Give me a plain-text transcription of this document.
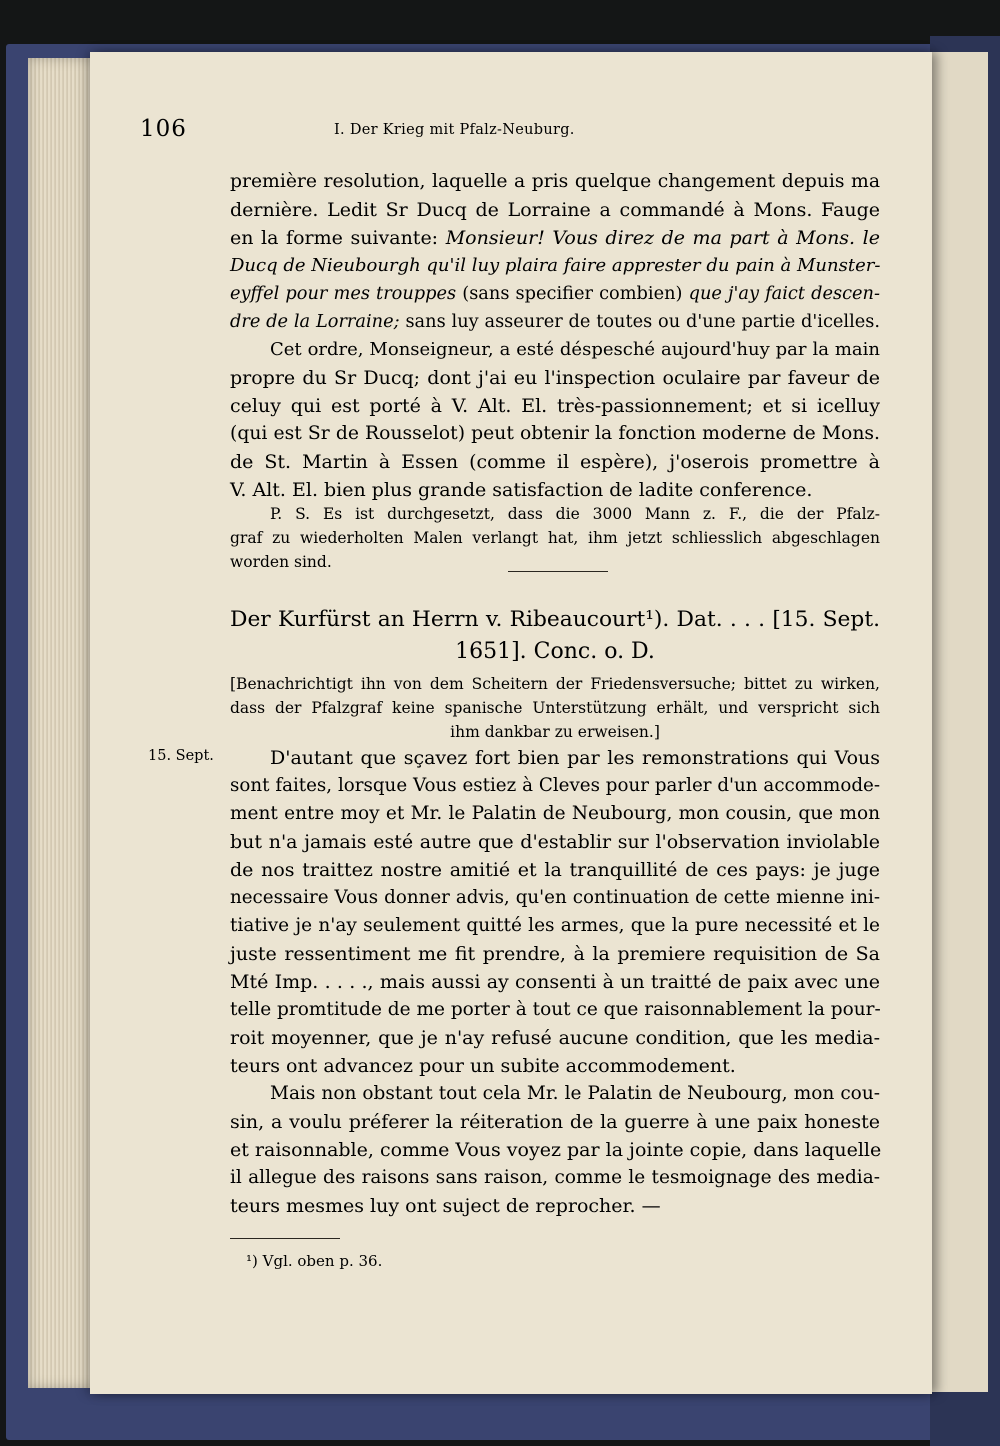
106	I. Der Krieg mit Pfalz-Neuburg.
première resolution, laquelle a pris quelque changement depuis ma
dernière. Ledit Sr Ducq de Lorraine a commandé à Mons. Fauge
en la forme suivante: Monsieur! Vous direz de ma part à Mons. le
Ducq de Nieubourgh qu'il luy plaira faire apprester du pain à Munster-
eyffel pour mes trouppes (sans specifier combien) que j'ay faict descen-
dre de la Lorraine; sans luy asseurer de toutes ou d'une partie d'icelles.
Cet ordre, Monseigneur, a esté déspesché aujourd'huy par la main
propre du Sr Ducq; dont j'ai eu l'inspection oculaire par faveur de
celuy qui est porté à V. Alt. El. très-passionnement; et si icelluy
(qui est Sr de Rousselot) peut obtenir la fonction moderne de Mons.
de St. Martin à Essen (comme il espère), j'oserois promettre à
V. Alt. El. bien plus grande satisfaction de ladite conference.
P. S. Es ist durchgesetzt, dass die 3000 Mann z. F., die der Pfalz-
graf zu wiederholten Malen verlangt hat, ihm jetzt schliesslich abgeschlagen
worden sind.
Der Kurfürst an Herrn v. Ribeaucourt¹). Dat. . . . [15. Sept.
1651]. Conc. o. D.
[Benachrichtigt ihn von dem Scheitern der Friedensversuche; bittet zu wirken,
dass der Pfalzgraf keine spanische Unterstützung erhält, und verspricht sich
ihm dankbar zu erweisen.]
15. Sept.	D'autant que sçavez fort bien par les remonstrations qui Vous
sont faites, lorsque Vous estiez à Cleves pour parler d'un accommode-
ment entre moy et Mr. le Palatin de Neubourg, mon cousin, que mon
but n'a jamais esté autre que d'establir sur l'observation inviolable
de nos traittez nostre amitié et la tranquillité de ces pays: je juge
necessaire Vous donner advis, qu'en continuation de cette mienne ini-
tiative je n'ay seulement quitté les armes, que la pure necessité et le
juste ressentiment me fit prendre, à la premiere requisition de Sa
Mté Imp. . . . ., mais aussi ay consenti à un traitté de paix avec une
telle promtitude de me porter à tout ce que raisonnablement la pour-
roit moyenner, que je n'ay refusé aucune condition, que les media-
teurs ont advancez pour un subite accommodement.
Mais non obstant tout cela Mr. le Palatin de Neubourg, mon cou-
sin, a voulu préferer la réiteration de la guerre à une paix honeste
et raisonnable, comme Vous voyez par la jointe copie, dans laquelle
il allegue des raisons sans raison, comme le tesmoignage des media-
teurs mesmes luy ont suject de reprocher. —
¹) Vgl. oben p. 36.
